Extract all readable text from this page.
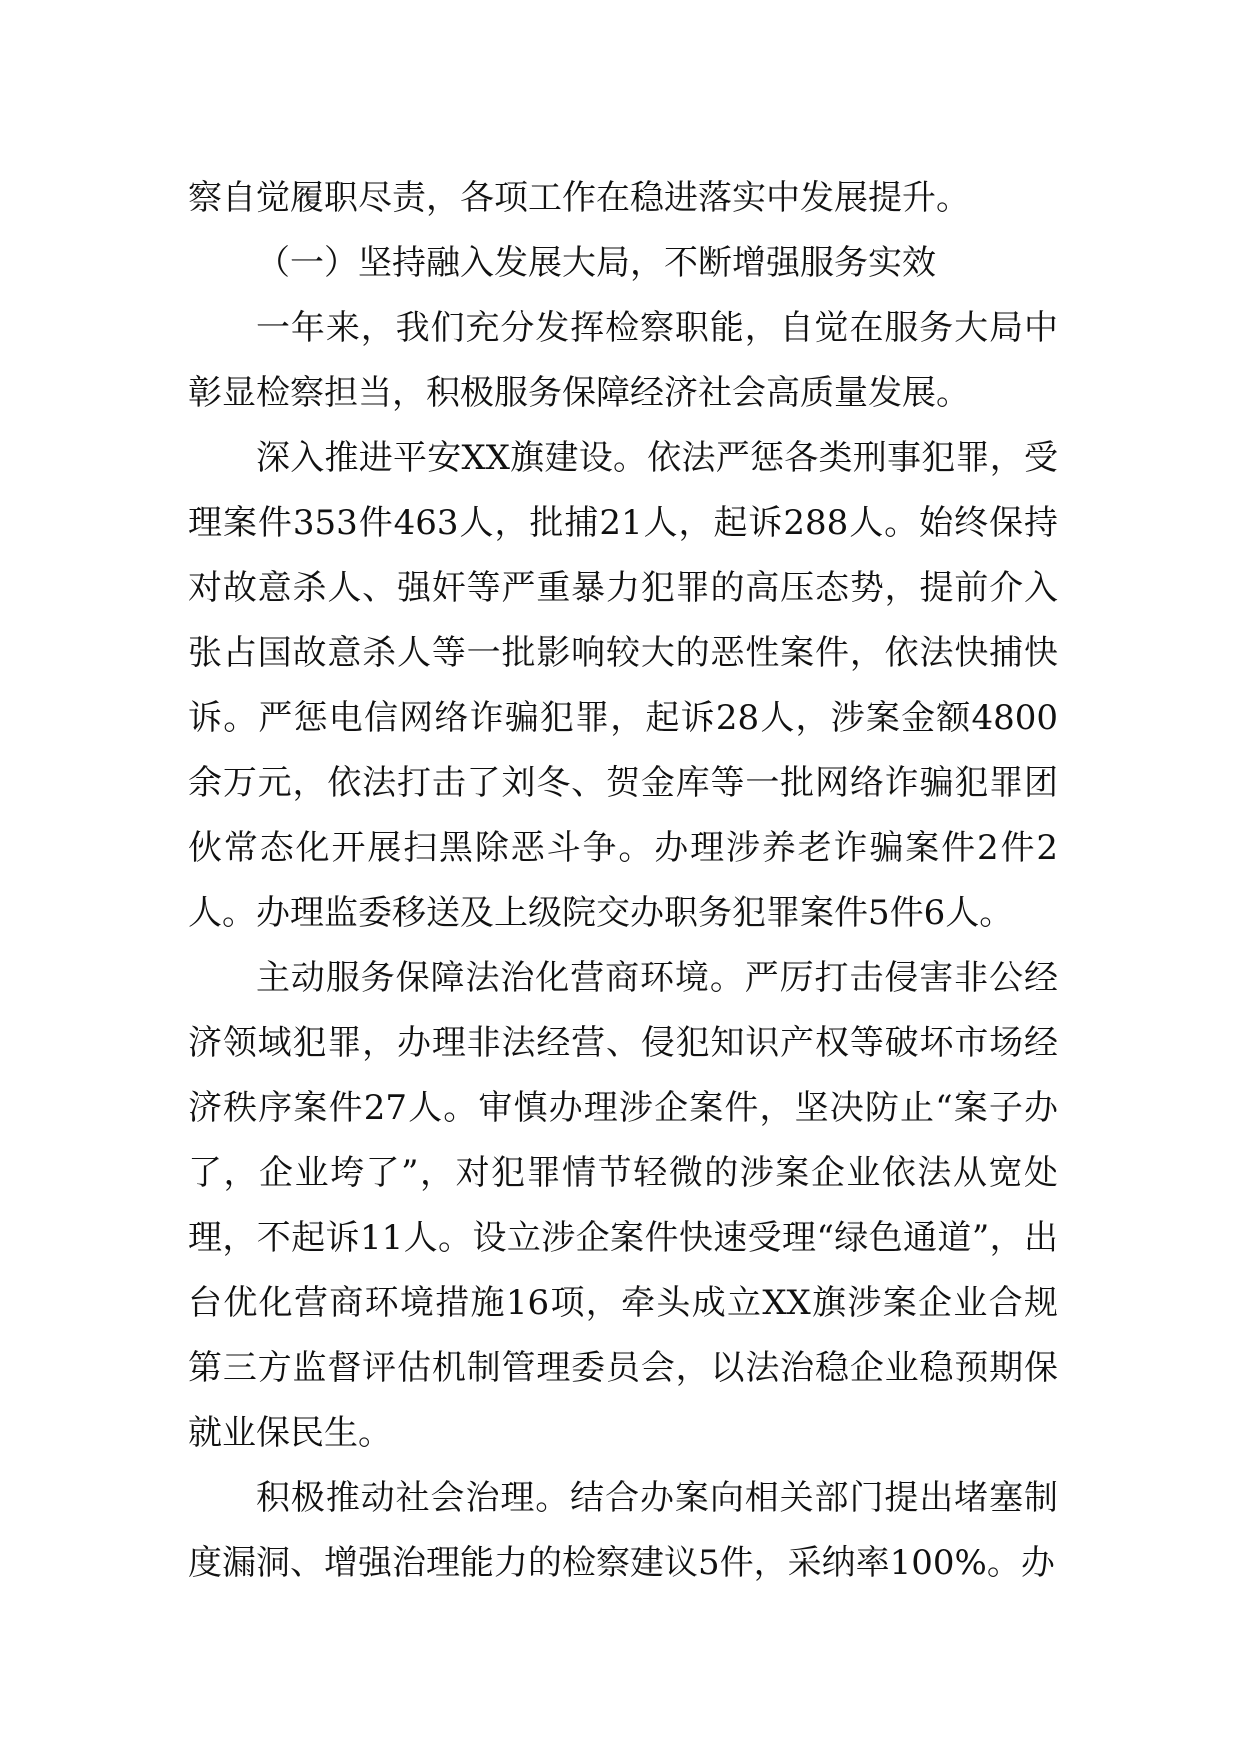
察自觉履职尽责，各项工作在稳进落实中发展提升。

（一）坚持融入发展大局，不断增强服务实效

一年来，我们充分发挥检察职能，自觉在服务大局中彰显检察担当，积极服务保障经济社会高质量发展。

深入推进平安XX旗建设。依法严惩各类刑事犯罪，受理案件353件463人，批捕21人，起诉288人。始终保持对故意杀人、强奸等严重暴力犯罪的高压态势，提前介入张占国故意杀人等一批影响较大的恶性案件，依法快捕快诉。严惩电信网络诈骗犯罪，起诉28人，涉案金额4800余万元，依法打击了刘冬、贺金库等一批网络诈骗犯罪团伙常态化开展扫黑除恶斗争。办理涉养老诈骗案件2件2人。办理监委移送及上级院交办职务犯罪案件5件6人。

主动服务保障法治化营商环境。严厉打击侵害非公经济领域犯罪，办理非法经营、侵犯知识产权等破坏市场经济秩序案件27人。审慎办理涉企案件，坚决防止“案子办了，企业垮了”，对犯罪情节轻微的涉案企业依法从宽处理，不起诉11人。设立涉企案件快速受理“绿色通道”，出台优化营商环境措施16项，牵头成立XX旗涉案企业合规第三方监督评估机制管理委员会，以法治稳企业稳预期保就业保民生。

积极推动社会治理。结合办案向相关部门提出堵塞制度漏洞、增强治理能力的检察建议5件，采纳率100%。办
